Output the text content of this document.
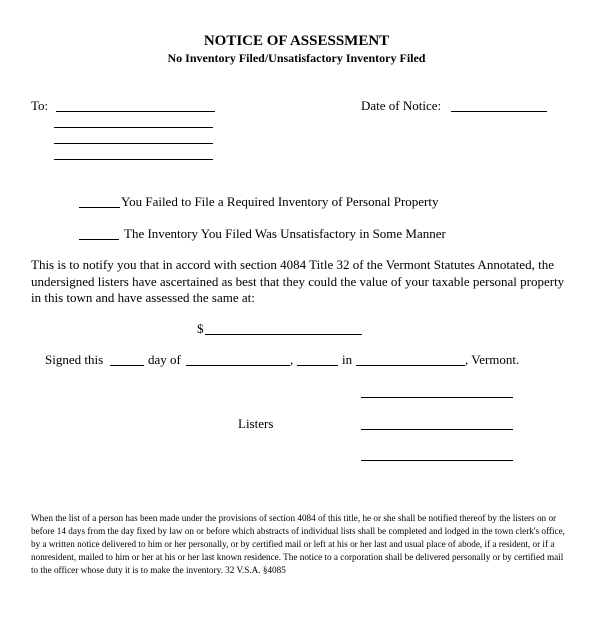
NOTICE OF ASSESSMENT
No Inventory Filed/Unsatisfactory Inventory Filed
To:	Date of Notice:
You Failed to File a Required Inventory of Personal Property
The Inventory You Filed Was Unsatisfactory in Some Manner
This is to notify you that in accord with section 4084 Title 32 of the Vermont Statutes Annotated, the undersigned listers have ascertained as best that they could the value of your taxable personal property in this town and have assessed the same at:
$
Signed this	day of	,	in	, Vermont.
Listers
When the list of a person has been made under the provisions of section 4084 of this title, he or she shall be notified thereof by the listers on or before 14 days from the day fixed by law on or before which abstracts of individual lists shall be completed and lodged in the town clerk's office, by a written notice delivered to him or her personally, or by certified mail or left at his or her last and usual place of abode, if a resident, or if a nonresident, mailed to him or her at his or her last known residence. The notice to a corporation shall be delivered personally or by certified mail to the officer whose duty it is to make the inventory. 32 V.S.A. §4085
